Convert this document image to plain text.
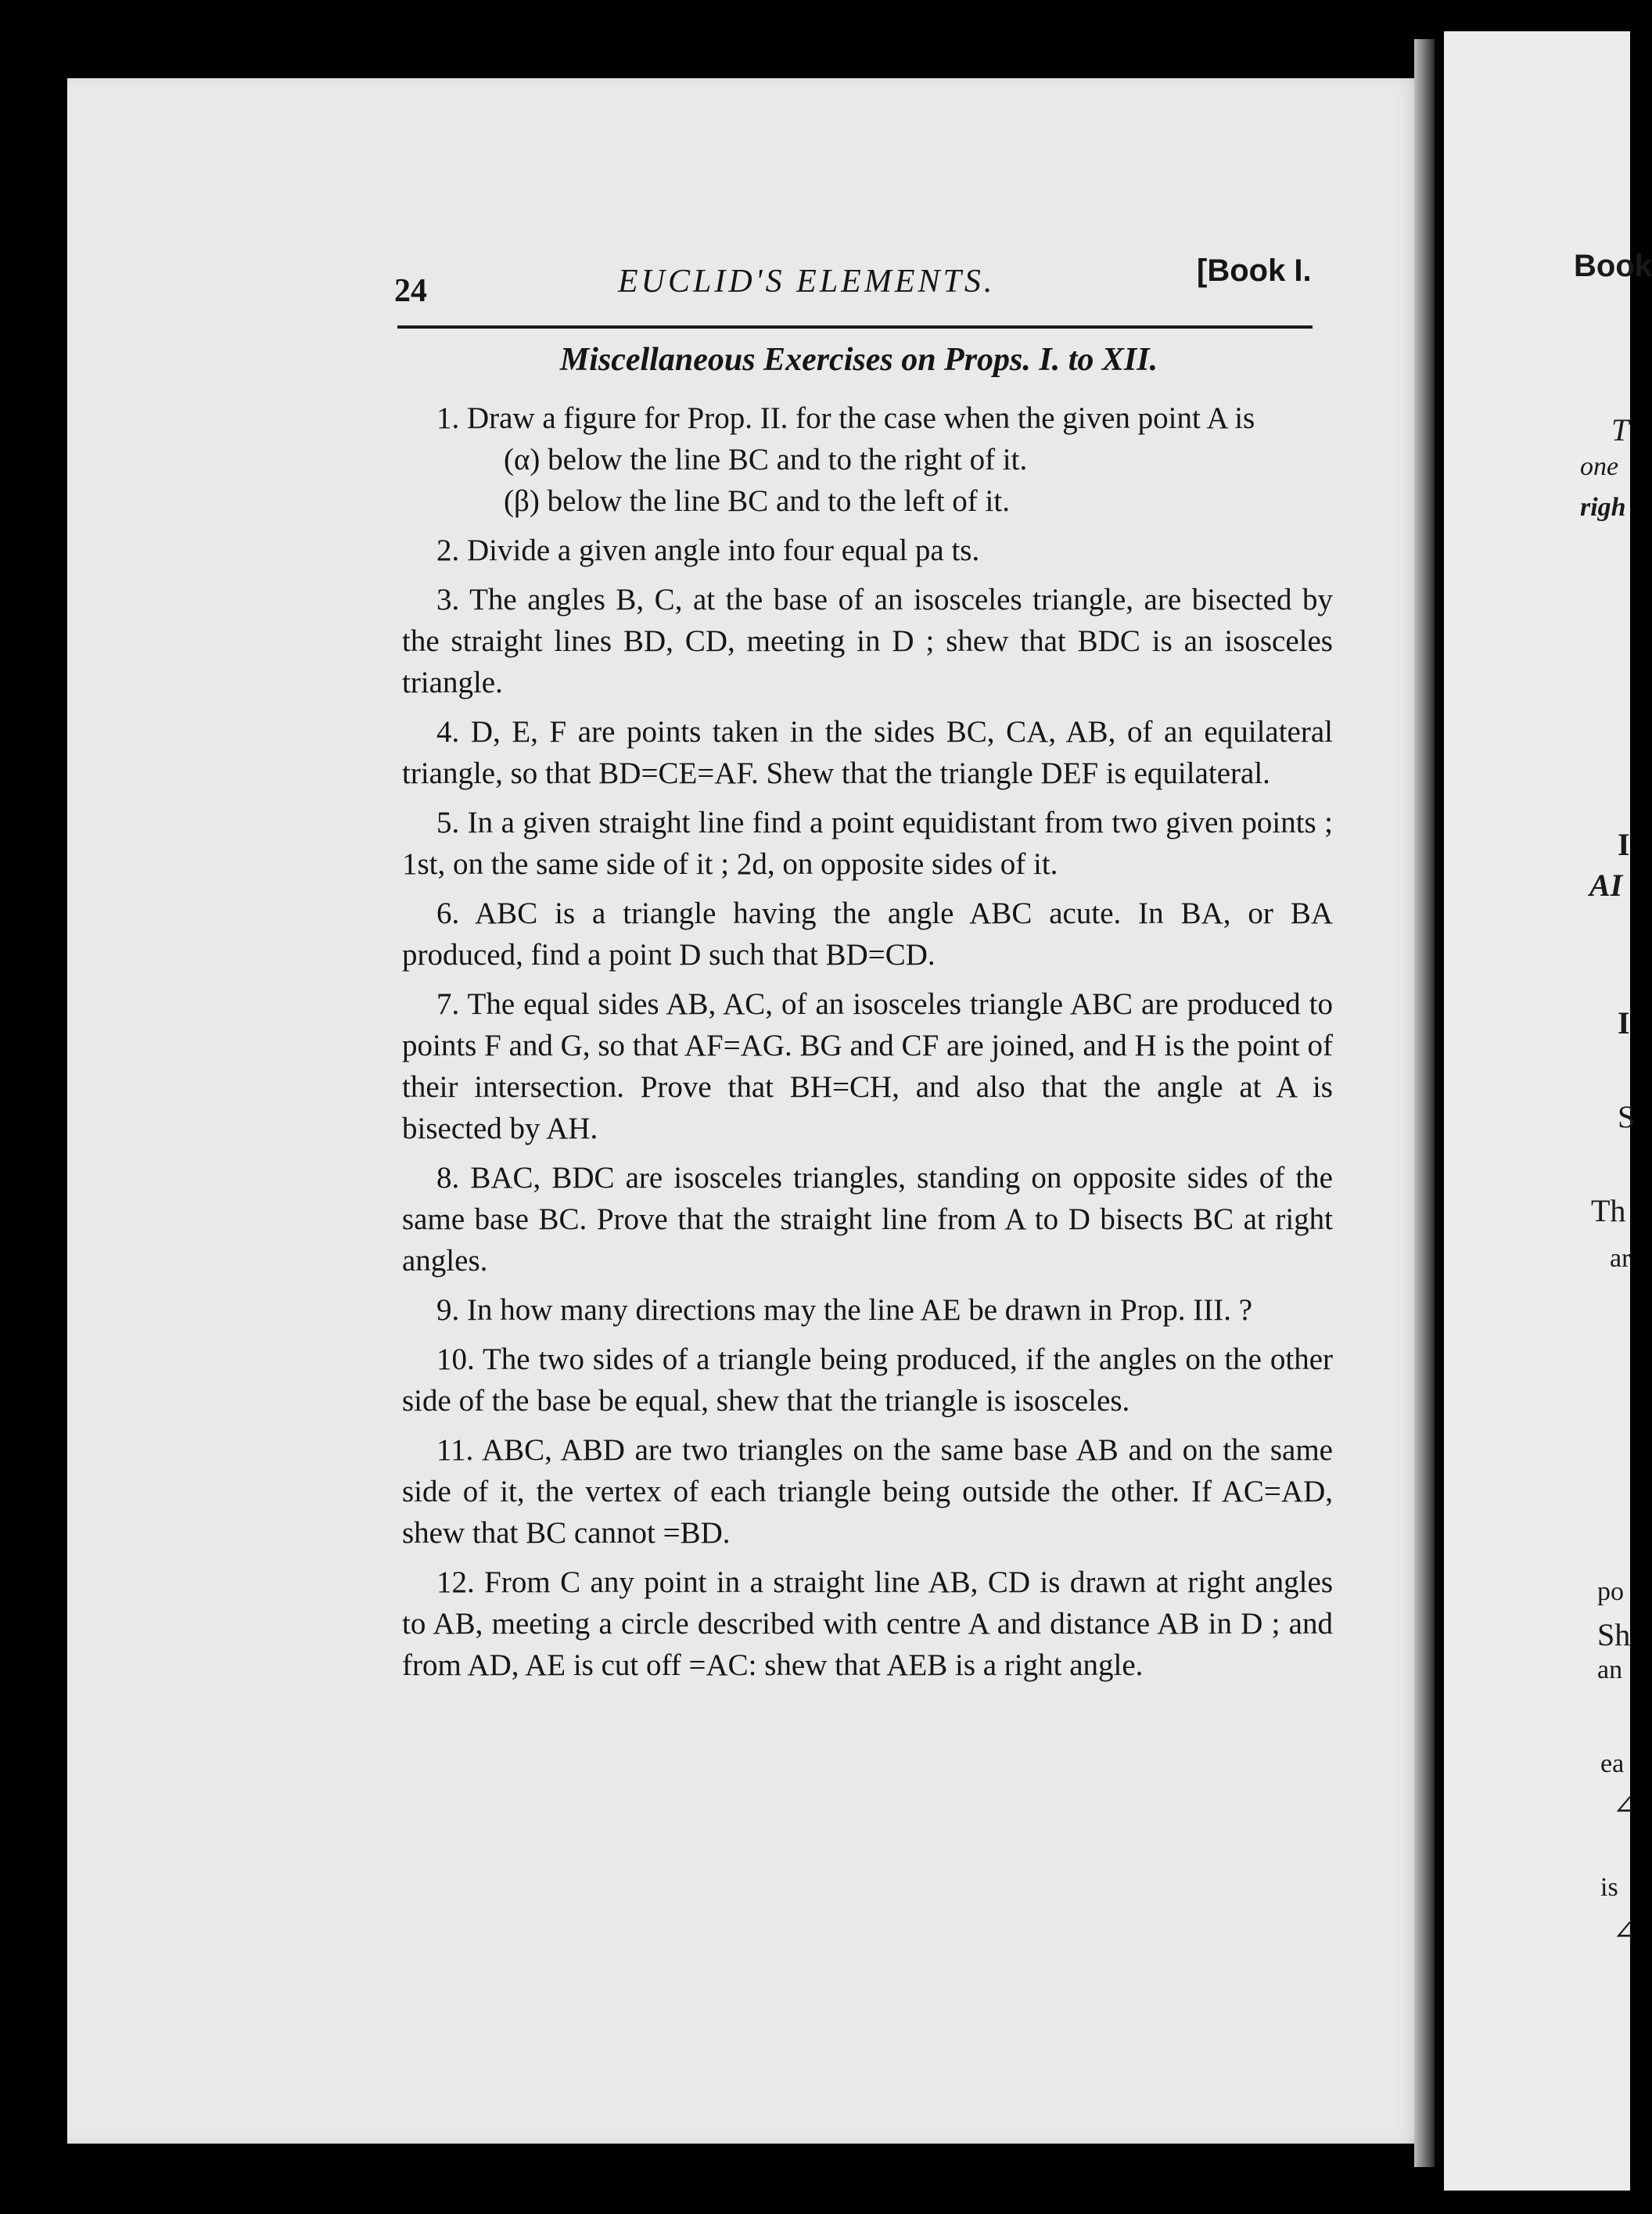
Book
T
one
righ
I
AI
I
S
Th
ar
po
Sh
an
ea
∠
is
∠
24	EUCLID'S ELEMENTS.	[Book I.
Miscellaneous Exercises on Props. I. to XII.

1. Draw a figure for Prop. II. for the case when the given point A is

(α) below the line BC and to the right of it.

(β) below the line BC and to the left of it.

2. Divide a given angle into four equal pa ts.

3. The angles B, C, at the base of an isosceles triangle, are bisected by the straight lines BD, CD, meeting in D ; shew that BDC is an isosceles triangle.

4. D, E, F are points taken in the sides BC, CA, AB, of an equilateral triangle, so that BD=CE=AF. Shew that the triangle DEF is equilateral.

5. In a given straight line find a point equidistant from two given points ; 1st, on the same side of it ; 2d, on opposite sides of it.

6. ABC is a triangle having the angle ABC acute. In BA, or BA produced, find a point D such that BD=CD.

7. The equal sides AB, AC, of an isosceles triangle ABC are produced to points F and G, so that AF=AG. BG and CF are joined, and H is the point of their intersection. Prove that BH=CH, and also that the angle at A is bisected by AH.

8. BAC, BDC are isosceles triangles, standing on opposite sides of the same base BC. Prove that the straight line from A to D bisects BC at right angles.

9. In how many directions may the line AE be drawn in Prop. III. ?

10. The two sides of a triangle being produced, if the angles on the other side of the base be equal, shew that the triangle is isosceles.

11. ABC, ABD are two triangles on the same base AB and on the same side of it, the vertex of each triangle being outside the other. If AC=AD, shew that BC cannot =BD.

12. From C any point in a straight line AB, CD is drawn at right angles to AB, meeting a circle described with centre A and distance AB in D ; and from AD, AE is cut off =AC: shew that AEB is a right angle.
